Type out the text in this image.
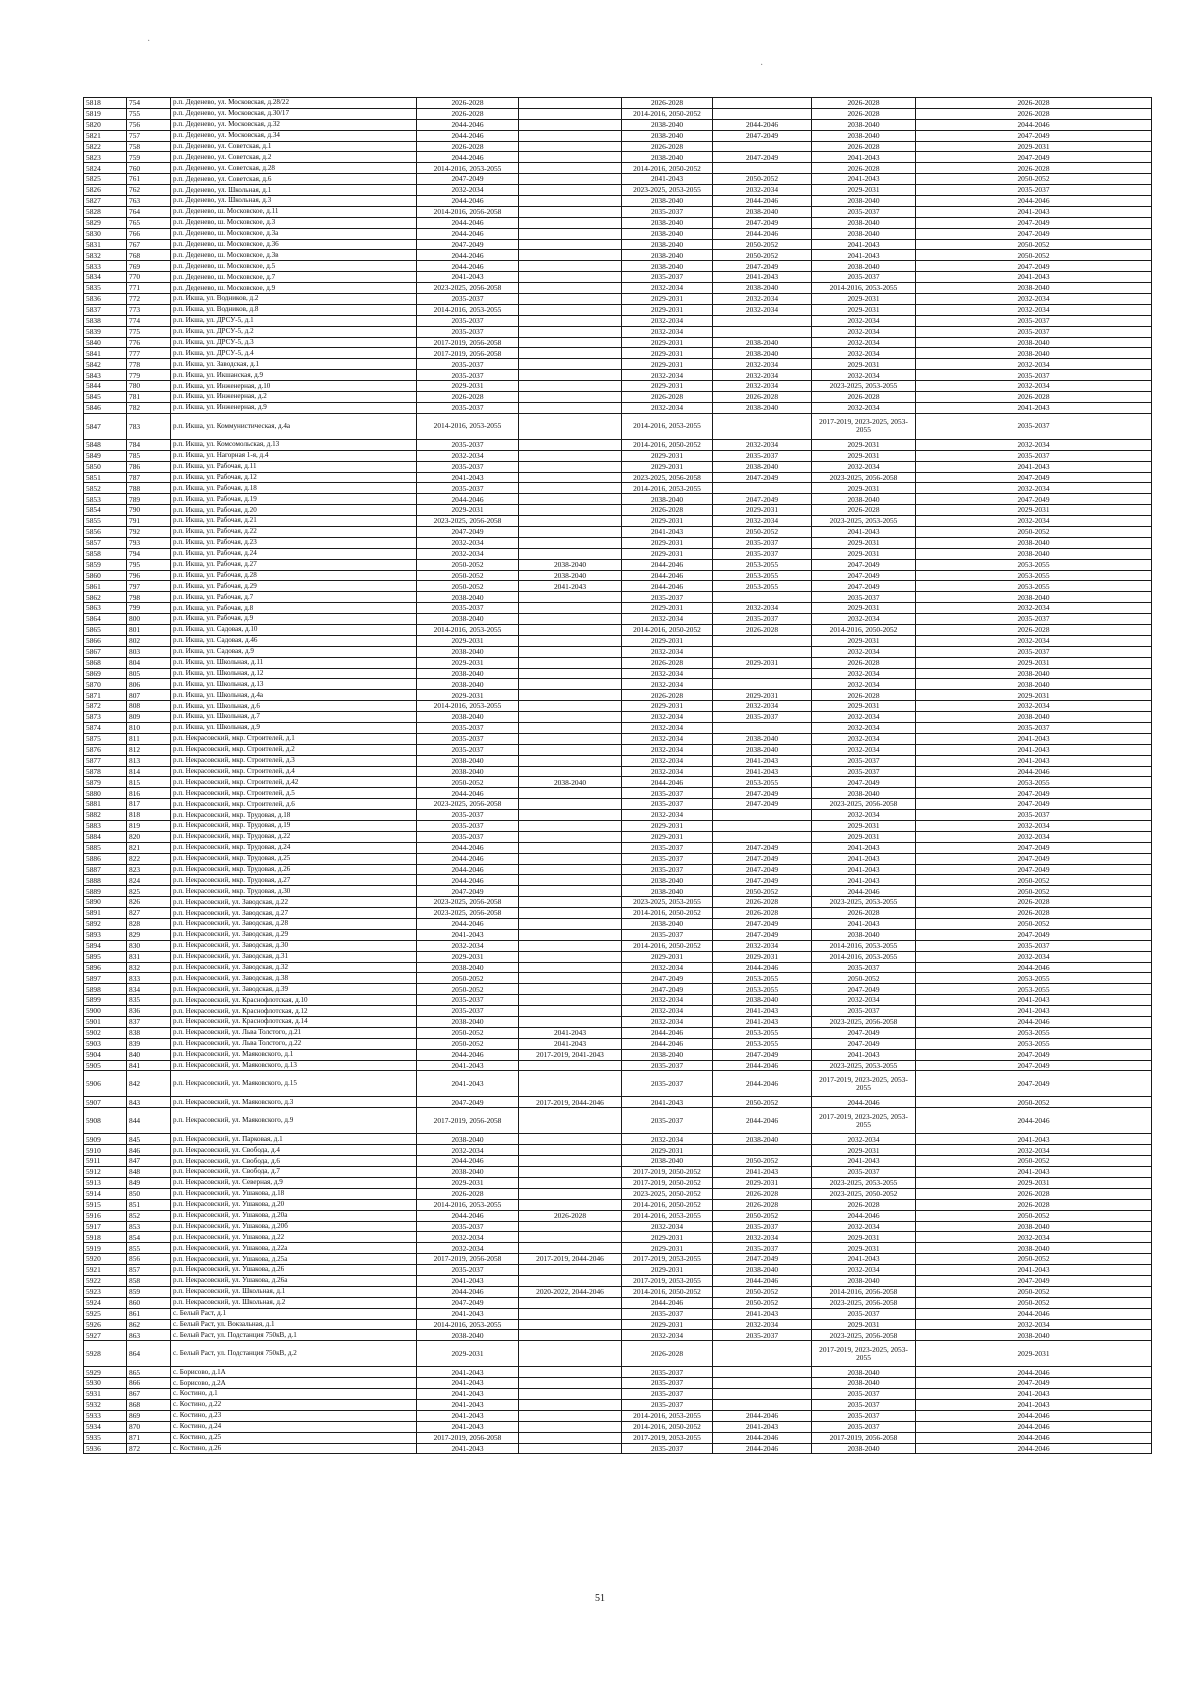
·
·
5818	754	р.п. Деденево, ул. Московская, д.28/22	2026-2028		2026-2028		2026-2028	2026-2028
5819	755	р.п. Деденево, ул. Московская, д.30/17	2026-2028		2014-2016, 2050-2052		2026-2028	2026-2028
5820	756	р.п. Деденево, ул. Московская, д.32	2044-2046		2038-2040	2044-2046	2038-2040	2044-2046
5821	757	р.п. Деденево, ул. Московская, д.34	2044-2046		2038-2040	2047-2049	2038-2040	2047-2049
5822	758	р.п. Деденево, ул. Советская, д.1	2026-2028		2026-2028		2026-2028	2029-2031
5823	759	р.п. Деденево, ул. Советская, д.2	2044-2046		2038-2040	2047-2049	2041-2043	2047-2049
5824	760	р.п. Деденево, ул. Советская, д.28	2014-2016, 2053-2055		2014-2016, 2050-2052		2026-2028	2026-2028
5825	761	р.п. Деденево, ул. Советская, д.6	2047-2049		2041-2043	2050-2052	2041-2043	2050-2052
5826	762	р.п. Деденево, ул. Школьная, д.1	2032-2034		2023-2025, 2053-2055	2032-2034	2029-2031	2035-2037
5827	763	р.п. Деденево, ул. Школьная, д.3	2044-2046		2038-2040	2044-2046	2038-2040	2044-2046
5828	764	р.п. Деденево, ш. Московское, д.11	2014-2016, 2056-2058		2035-2037	2038-2040	2035-2037	2041-2043
5829	765	р.п. Деденево, ш. Московское, д.3	2044-2046		2038-2040	2047-2049	2038-2040	2047-2049
5830	766	р.п. Деденево, ш. Московское, д.3а	2044-2046		2038-2040	2044-2046	2038-2040	2047-2049
5831	767	р.п. Деденево, ш. Московское, д.36	2047-2049		2038-2040	2050-2052	2041-2043	2050-2052
5832	768	р.п. Деденево, ш. Московское, д.3в	2044-2046		2038-2040	2050-2052	2041-2043	2050-2052
5833	769	р.п. Деденево, ш. Московское, д.5	2044-2046		2038-2040	2047-2049	2038-2040	2047-2049
5834	770	р.п. Деденево, ш. Московское, д.7	2041-2043		2035-2037	2041-2043	2035-2037	2041-2043
5835	771	р.п. Деденево, ш. Московское, д.9	2023-2025, 2056-2058		2032-2034	2038-2040	2014-2016, 2053-2055	2038-2040
5836	772	р.п. Икша, ул. Водников, д.2	2035-2037		2029-2031	2032-2034	2029-2031	2032-2034
5837	773	р.п. Икша, ул. Водников, д.8	2014-2016, 2053-2055		2029-2031	2032-2034	2029-2031	2032-2034
5838	774	р.п. Икша, ул. ДРСУ-5, д.1	2035-2037		2032-2034		2032-2034	2035-2037
5839	775	р.п. Икша, ул. ДРСУ-5, д.2	2035-2037		2032-2034		2032-2034	2035-2037
5840	776	р.п. Икша, ул. ДРСУ-5, д.3	2017-2019, 2056-2058		2029-2031	2038-2040	2032-2034	2038-2040
5841	777	р.п. Икша, ул. ДРСУ-5, д.4	2017-2019, 2056-2058		2029-2031	2038-2040	2032-2034	2038-2040
5842	778	р.п. Икша, ул. Заводская, д.1	2035-2037		2029-2031	2032-2034	2029-2031	2032-2034
5843	779	р.п. Икша, ул. Икшанская, д.9	2035-2037		2032-2034	2032-2034	2032-2034	2035-2037
5844	780	р.п. Икша, ул. Инженерная, д.10	2029-2031		2029-2031	2032-2034	2023-2025, 2053-2055	2032-2034
5845	781	р.п. Икша, ул. Инженерная, д.2	2026-2028		2026-2028	2026-2028	2026-2028	2026-2028
5846	782	р.п. Икша, ул. Инженерная, д.9	2035-2037		2032-2034	2038-2040	2032-2034	2041-2043
5847	783	р.п. Икша, ул. Коммунистическая, д.4а	2014-2016, 2053-2055		2014-2016, 2053-2055		2017-2019, 2023-2025, 2053-2055	2035-2037
5848	784	р.п. Икша, ул. Комсомольская, д.13	2035-2037		2014-2016, 2050-2052	2032-2034	2029-2031	2032-2034
5849	785	р.п. Икша, ул. Нагорная 1-я, д.4	2032-2034		2029-2031	2035-2037	2029-2031	2035-2037
5850	786	р.п. Икша, ул. Рабочая, д.11	2035-2037		2029-2031	2038-2040	2032-2034	2041-2043
5851	787	р.п. Икша, ул. Рабочая, д.12	2041-2043		2023-2025, 2056-2058	2047-2049	2023-2025, 2056-2058	2047-2049
5852	788	р.п. Икша, ул. Рабочая, д.18	2035-2037		2014-2016, 2053-2055		2029-2031	2032-2034
5853	789	р.п. Икша, ул. Рабочая, д.19	2044-2046		2038-2040	2047-2049	2038-2040	2047-2049
5854	790	р.п. Икша, ул. Рабочая, д.20	2029-2031		2026-2028	2029-2031	2026-2028	2029-2031
5855	791	р.п. Икша, ул. Рабочая, д.21	2023-2025, 2056-2058		2029-2031	2032-2034	2023-2025, 2053-2055	2032-2034
5856	792	р.п. Икша, ул. Рабочая, д.22	2047-2049		2041-2043	2050-2052	2041-2043	2050-2052
5857	793	р.п. Икша, ул. Рабочая, д.23	2032-2034		2029-2031	2035-2037	2029-2031	2038-2040
5858	794	р.п. Икша, ул. Рабочая, д.24	2032-2034		2029-2031	2035-2037	2029-2031	2038-2040
5859	795	р.п. Икша, ул. Рабочая, д.27	2050-2052	2038-2040	2044-2046	2053-2055	2047-2049	2053-2055
5860	796	р.п. Икша, ул. Рабочая, д.28	2050-2052	2038-2040	2044-2046	2053-2055	2047-2049	2053-2055
5861	797	р.п. Икша, ул. Рабочая, д.29	2050-2052	2041-2043	2044-2046	2053-2055	2047-2049	2053-2055
5862	798	р.п. Икша, ул. Рабочая, д.7	2038-2040		2035-2037		2035-2037	2038-2040
5863	799	р.п. Икша, ул. Рабочая, д.8	2035-2037		2029-2031	2032-2034	2029-2031	2032-2034
5864	800	р.п. Икша, ул. Рабочая, д.9	2038-2040		2032-2034	2035-2037	2032-2034	2035-2037
5865	801	р.п. Икша, ул. Садовая, д.10	2014-2016, 2053-2055		2014-2016, 2050-2052	2026-2028	2014-2016, 2050-2052	2026-2028
5866	802	р.п. Икша, ул. Садовая, д.46	2029-2031		2029-2031		2029-2031	2032-2034
5867	803	р.п. Икша, ул. Садовая, д.9	2038-2040		2032-2034		2032-2034	2035-2037
5868	804	р.п. Икша, ул. Школьная, д.11	2029-2031		2026-2028	2029-2031	2026-2028	2029-2031
5869	805	р.п. Икша, ул. Школьная, д.12	2038-2040		2032-2034		2032-2034	2038-2040
5870	806	р.п. Икша, ул. Школьная, д.13	2038-2040		2032-2034		2032-2034	2038-2040
5871	807	р.п. Икша, ул. Школьная, д.4а	2029-2031		2026-2028	2029-2031	2026-2028	2029-2031
5872	808	р.п. Икша, ул. Школьная, д.6	2014-2016, 2053-2055		2029-2031	2032-2034	2029-2031	2032-2034
5873	809	р.п. Икша, ул. Школьная, д.7	2038-2040		2032-2034	2035-2037	2032-2034	2038-2040
5874	810	р.п. Икша, ул. Школьная, д.9	2035-2037		2032-2034		2032-2034	2035-2037
5875	811	р.п. Некрасовский, мкр. Строителей, д.1	2035-2037		2032-2034	2038-2040	2032-2034	2041-2043
5876	812	р.п. Некрасовский, мкр. Строителей, д.2	2035-2037		2032-2034	2038-2040	2032-2034	2041-2043
5877	813	р.п. Некрасовский, мкр. Строителей, д.3	2038-2040		2032-2034	2041-2043	2035-2037	2041-2043
5878	814	р.п. Некрасовский, мкр. Строителей, д.4	2038-2040		2032-2034	2041-2043	2035-2037	2044-2046
5879	815	р.п. Некрасовский, мкр. Строителей, д.42	2050-2052	2038-2040	2044-2046	2053-2055	2047-2049	2053-2055
5880	816	р.п. Некрасовский, мкр. Строителей, д.5	2044-2046		2035-2037	2047-2049	2038-2040	2047-2049
5881	817	р.п. Некрасовский, мкр. Строителей, д.6	2023-2025, 2056-2058		2035-2037	2047-2049	2023-2025, 2056-2058	2047-2049
5882	818	р.п. Некрасовский, мкр. Трудовая, д.18	2035-2037		2032-2034		2032-2034	2035-2037
5883	819	р.п. Некрасовский, мкр. Трудовая, д.19	2035-2037		2029-2031		2029-2031	2032-2034
5884	820	р.п. Некрасовский, мкр. Трудовая, д.22	2035-2037		2029-2031		2029-2031	2032-2034
5885	821	р.п. Некрасовский, мкр. Трудовая, д.24	2044-2046		2035-2037	2047-2049	2041-2043	2047-2049
5886	822	р.п. Некрасовский, мкр. Трудовая, д.25	2044-2046		2035-2037	2047-2049	2041-2043	2047-2049
5887	823	р.п. Некрасовский, мкр. Трудовая, д.26	2044-2046		2035-2037	2047-2049	2041-2043	2047-2049
5888	824	р.п. Некрасовский, мкр. Трудовая, д.27	2044-2046		2038-2040	2047-2049	2041-2043	2050-2052
5889	825	р.п. Некрасовский, мкр. Трудовая, д.30	2047-2049		2038-2040	2050-2052	2044-2046	2050-2052
5890	826	р.п. Некрасовский, ул. Заводская, д.22	2023-2025, 2056-2058		2023-2025, 2053-2055	2026-2028	2023-2025, 2053-2055	2026-2028
5891	827	р.п. Некрасовский, ул. Заводская, д.27	2023-2025, 2056-2058		2014-2016, 2050-2052	2026-2028	2026-2028	2026-2028
5892	828	р.п. Некрасовский, ул. Заводская, д.28	2044-2046		2038-2040	2047-2049	2041-2043	2050-2052
5893	829	р.п. Некрасовский, ул. Заводская, д.29	2041-2043		2035-2037	2047-2049	2038-2040	2047-2049
5894	830	р.п. Некрасовский, ул. Заводская, д.30	2032-2034		2014-2016, 2050-2052	2032-2034	2014-2016, 2053-2055	2035-2037
5895	831	р.п. Некрасовский, ул. Заводская, д.31	2029-2031		2029-2031	2029-2031	2014-2016, 2053-2055	2032-2034
5896	832	р.п. Некрасовский, ул. Заводская, д.32	2038-2040		2032-2034	2044-2046	2035-2037	2044-2046
5897	833	р.п. Некрасовский, ул. Заводская, д.38	2050-2052		2047-2049	2053-2055	2050-2052	2053-2055
5898	834	р.п. Некрасовский, ул. Заводская, д.39	2050-2052		2047-2049	2053-2055	2047-2049	2053-2055
5899	835	р.п. Некрасовский, ул. Краснофлотская, д.10	2035-2037		2032-2034	2038-2040	2032-2034	2041-2043
5900	836	р.п. Некрасовский, ул. Краснофлотская, д.12	2035-2037		2032-2034	2041-2043	2035-2037	2041-2043
5901	837	р.п. Некрасовский, ул. Краснофлотская, д.14	2038-2040		2032-2034	2041-2043	2023-2025, 2056-2058	2044-2046
5902	838	р.п. Некрасовский, ул. Льва Толстого, д.21	2050-2052	2041-2043	2044-2046	2053-2055	2047-2049	2053-2055
5903	839	р.п. Некрасовский, ул. Льва Толстого, д.22	2050-2052	2041-2043	2044-2046	2053-2055	2047-2049	2053-2055
5904	840	р.п. Некрасовский, ул. Маяковского, д.1	2044-2046	2017-2019, 2041-2043	2038-2040	2047-2049	2041-2043	2047-2049
5905	841	р.п. Некрасовский, ул. Маяковского, д.13	2041-2043		2035-2037	2044-2046	2023-2025, 2053-2055	2047-2049
5906	842	р.п. Некрасовский, ул. Маяковского, д.15	2041-2043		2035-2037	2044-2046	2017-2019, 2023-2025, 2053-2055	2047-2049
5907	843	р.п. Некрасовский, ул. Маяковского, д.3	2047-2049	2017-2019, 2044-2046	2041-2043	2050-2052	2044-2046	2050-2052
5908	844	р.п. Некрасовский, ул. Маяковского, д.9	2017-2019, 2056-2058		2035-2037	2044-2046	2017-2019, 2023-2025, 2053-2055	2044-2046
5909	845	р.п. Некрасовский, ул. Парковая, д.1	2038-2040		2032-2034	2038-2040	2032-2034	2041-2043
5910	846	р.п. Некрасовский, ул. Свобода, д.4	2032-2034		2029-2031		2029-2031	2032-2034
5911	847	р.п. Некрасовский, ул. Свобода, д.6	2044-2046		2038-2040	2050-2052	2041-2043	2050-2052
5912	848	р.п. Некрасовский, ул. Свобода, д.7	2038-2040		2017-2019, 2050-2052	2041-2043	2035-2037	2041-2043
5913	849	р.п. Некрасовский, ул. Северная, д.9	2029-2031		2017-2019, 2050-2052	2029-2031	2023-2025, 2053-2055	2029-2031
5914	850	р.п. Некрасовский, ул. Ушакова, д.18	2026-2028		2023-2025, 2050-2052	2026-2028	2023-2025, 2050-2052	2026-2028
5915	851	р.п. Некрасовский, ул. Ушакова, д.20	2014-2016, 2053-2055		2014-2016, 2050-2052	2026-2028	2026-2028	2026-2028
5916	852	р.п. Некрасовский, ул. Ушакова, д.20а	2044-2046	2026-2028	2014-2016, 2053-2055	2050-2052	2044-2046	2050-2052
5917	853	р.п. Некрасовский, ул. Ушакова, д.20б	2035-2037		2032-2034	2035-2037	2032-2034	2038-2040
5918	854	р.п. Некрасовский, ул. Ушакова, д.22	2032-2034		2029-2031	2032-2034	2029-2031	2032-2034
5919	855	р.п. Некрасовский, ул. Ушакова, д.22а	2032-2034		2029-2031	2035-2037	2029-2031	2038-2040
5920	856	р.п. Некрасовский, ул. Ушакова, д.25а	2017-2019, 2056-2058	2017-2019, 2044-2046	2017-2019, 2053-2055	2047-2049	2041-2043	2050-2052
5921	857	р.п. Некрасовский, ул. Ушакова, д.26	2035-2037		2029-2031	2038-2040	2032-2034	2041-2043
5922	858	р.п. Некрасовский, ул. Ушакова, д.26а	2041-2043		2017-2019, 2053-2055	2044-2046	2038-2040	2047-2049
5923	859	р.п. Некрасовский, ул. Школьная, д.1	2044-2046	2020-2022, 2044-2046	2014-2016, 2050-2052	2050-2052	2014-2016, 2056-2058	2050-2052
5924	860	р.п. Некрасовский, ул. Школьная, д.2	2047-2049		2044-2046	2050-2052	2023-2025, 2056-2058	2050-2052
5925	861	с. Белый Раст, д.1	2041-2043		2035-2037	2041-2043	2035-2037	2044-2046
5926	862	с. Белый Раст, ул. Вокзальная, д.1	2014-2016, 2053-2055		2029-2031	2032-2034	2029-2031	2032-2034
5927	863	с. Белый Раст, ул. Подстанция 750кВ, д.1	2038-2040		2032-2034	2035-2037	2023-2025, 2056-2058	2038-2040
5928	864	с. Белый Раст, ул. Подстанция 750кВ, д.2	2029-2031		2026-2028		2017-2019, 2023-2025, 2053-2055	2029-2031
5929	865	с. Борисово, д.1А	2041-2043		2035-2037		2038-2040	2044-2046
5930	866	с. Борисово, д.2А	2041-2043		2035-2037		2038-2040	2047-2049
5931	867	с. Костино, д.1	2041-2043		2035-2037		2035-2037	2041-2043
5932	868	с. Костино, д.22	2041-2043		2035-2037		2035-2037	2041-2043
5933	869	с. Костино, д.23	2041-2043		2014-2016, 2053-2055	2044-2046	2035-2037	2044-2046
5934	870	с. Костино, д.24	2041-2043		2014-2016, 2050-2052	2041-2043	2035-2037	2044-2046
5935	871	с. Костино, д.25	2017-2019, 2056-2058		2017-2019, 2053-2055	2044-2046	2017-2019, 2056-2058	2044-2046
5936	872	с. Костино, д.26	2041-2043		2035-2037	2044-2046	2038-2040	2044-2046
51
